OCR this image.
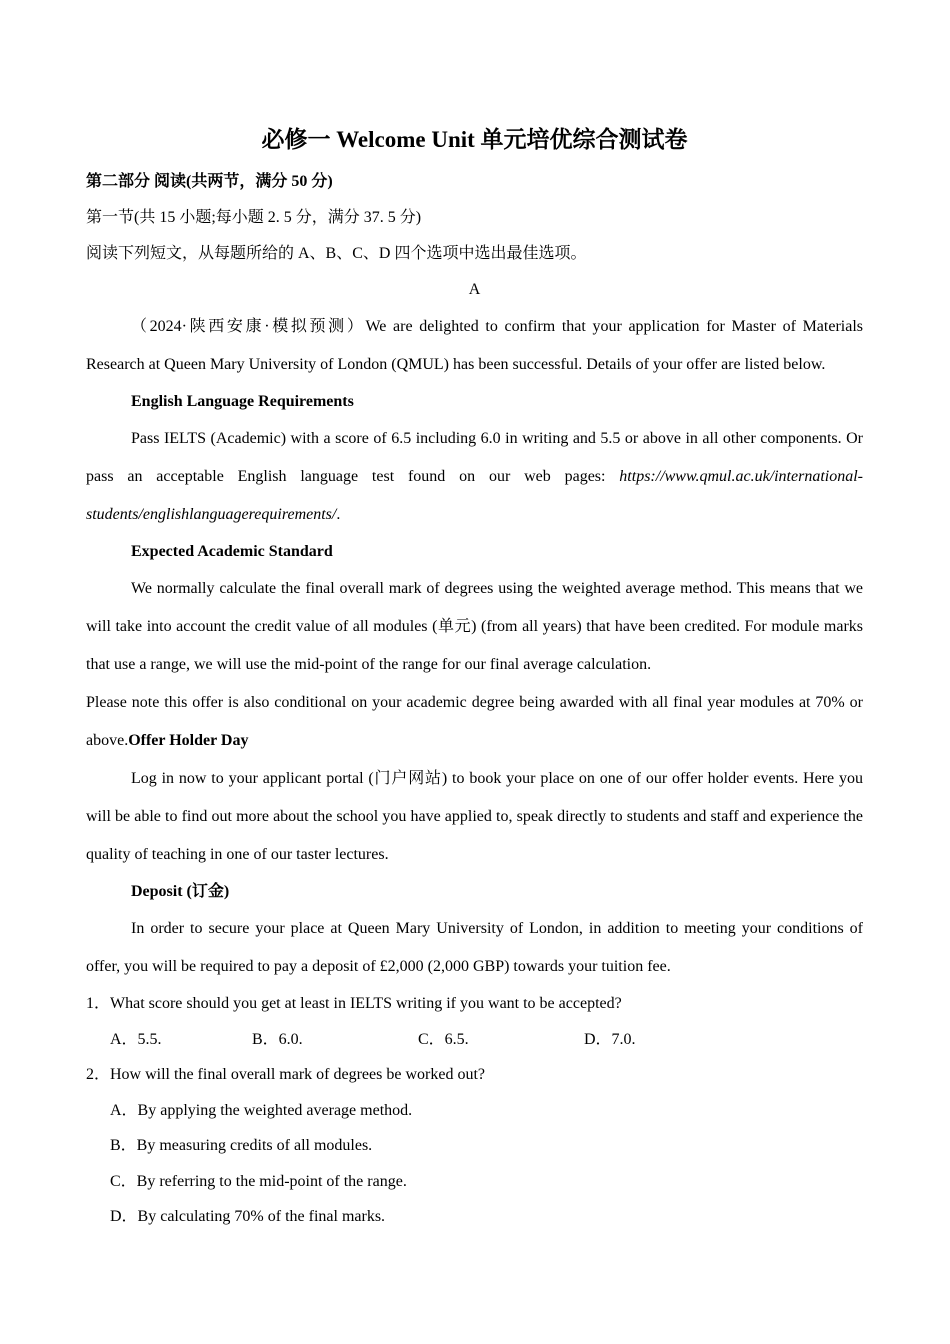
必修一 Welcome Unit 单元培优综合测试卷

第二部分 阅读(共两节，满分 50 分)

第一节(共 15 小题;每小题 2. 5 分，满分 37. 5 分)

阅读下列短文，从每题所给的 A、B、C、D 四个选项中选出最佳选项。

A

（2024·陕西安康·模拟预测）We are delighted to confirm that your application for Master of Materials Research at Queen Mary University of London (QMUL) has been successful. Details of your offer are listed below.

English Language Requirements

Pass IELTS (Academic) with a score of 6.5 including 6.0 in writing and 5.5 or above in all other components. Or pass an acceptable English language test found on our web pages: https://www.qmul.ac.uk/international-students/englishlanguagerequirements/.

Expected Academic Standard

We normally calculate the final overall mark of degrees using the weighted average method. This means that we will take into account the credit value of all modules (单元) (from all years) that have been credited. For module marks that use a range, we will use the mid-point of the range for our final average calculation.

Please note this offer is also conditional on your academic degree being awarded with all final year modules at 70% or above.Offer Holder Day

Log in now to your applicant portal (门户网站) to book your place on one of our offer holder events. Here you will be able to find out more about the school you have applied to, speak directly to students and staff and experience the quality of teaching in one of our taster lectures.

Deposit (订金)

In order to secure your place at Queen Mary University of London, in addition to meeting your conditions of offer, you will be required to pay a deposit of £2,000 (2,000 GBP) towards your tuition fee.

1．What score should you get at least in IELTS writing if you want to be accepted?

A．5.5.	B．6.0.	C．6.5.	D．7.0.

2．How will the final overall mark of degrees be worked out?

A．By applying the weighted average method.

B．By measuring credits of all modules.

C．By referring to the mid-point of the range.

D．By calculating 70% of the final marks.
